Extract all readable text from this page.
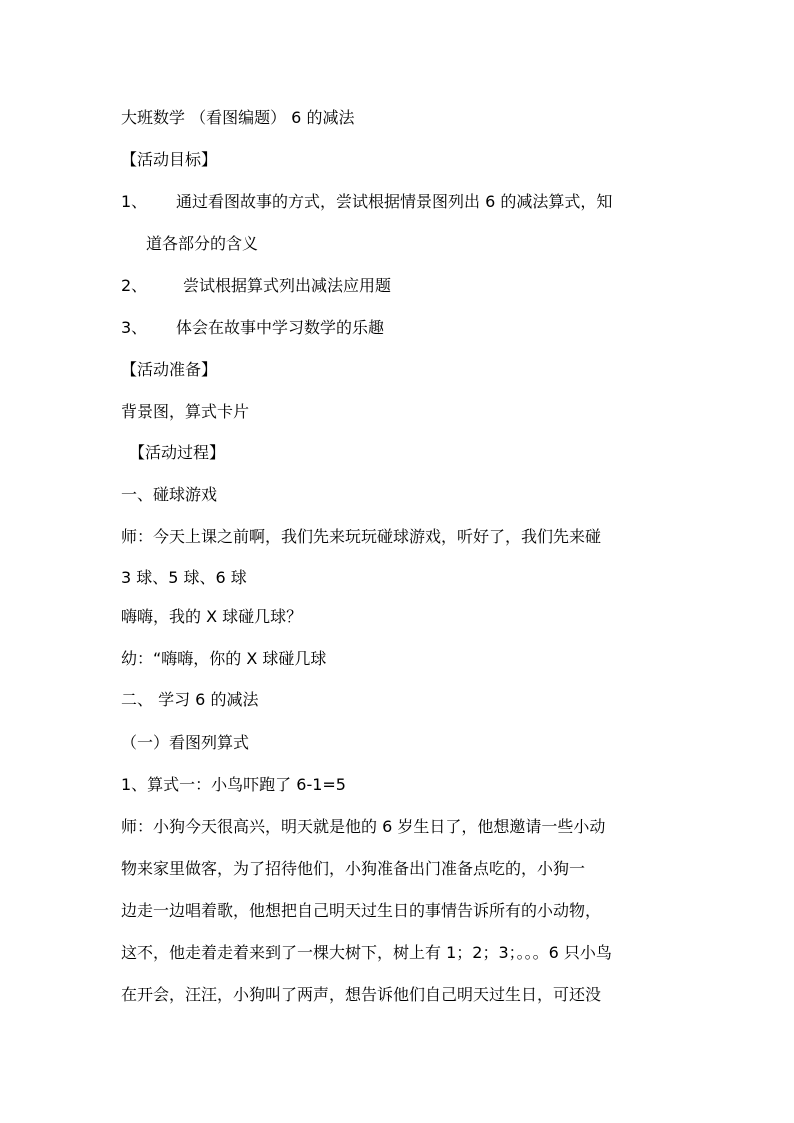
大班数学 （看图编题） 6 的减法
【活动目标】
1、 通过看图故事的方式，尝试根据情景图列出 6 的减法算式，知
道各部分的含义
2、 尝试根据算式列出减法应用题
3、 体会在故事中学习数学的乐趣
【活动准备】
背景图，算式卡片
【活动过程】
一、碰球游戏
师：今天上课之前啊，我们先来玩玩碰球游戏，听好了，我们先来碰
3 球、5 球、6 球
嗨嗨，我的 X 球碰几球？
幼：“嗨嗨，你的 X 球碰几球
二、 学习 6 的减法
（一）看图列算式
1、算式一：小鸟吓跑了 6-1=5
师：小狗今天很高兴，明天就是他的 6 岁生日了，他想邀请一些小动
物来家里做客，为了招待他们，小狗准备出门准备点吃的，小狗一
边走一边唱着歌，他想把自己明天过生日的事情告诉所有的小动物，
这不，他走着走着来到了一棵大树下，树上有 1；2；3；。。。6 只小鸟
在开会，汪汪，小狗叫了两声，想告诉他们自己明天过生日，可还没
